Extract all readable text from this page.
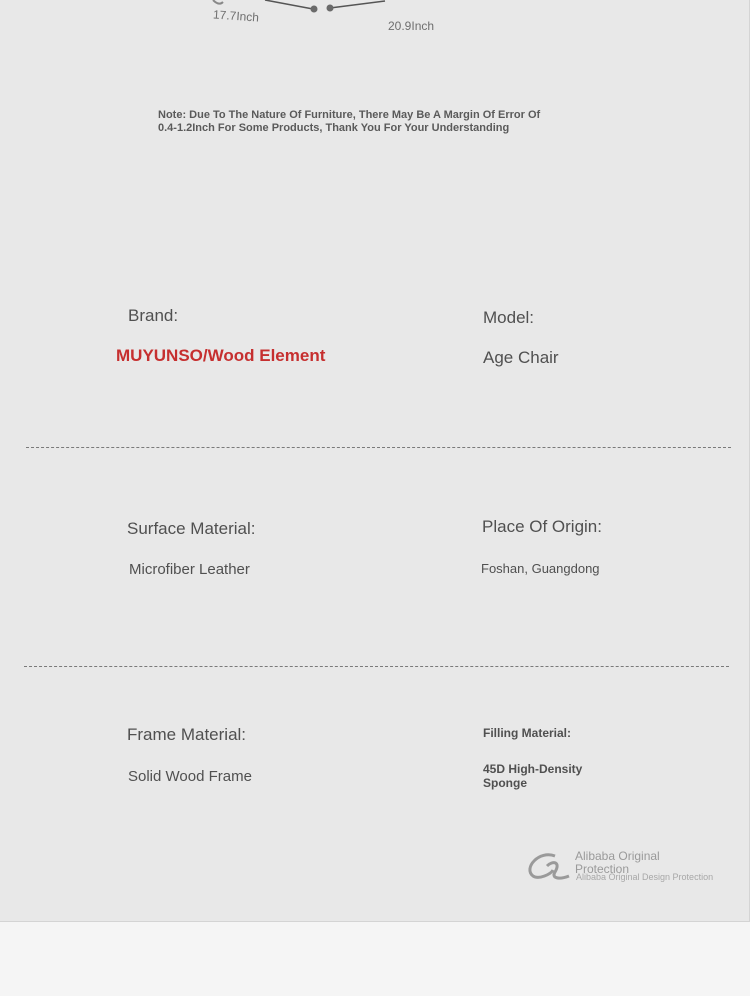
17.7Inch
20.9Inch
Note: Due To The Nature Of Furniture, There May Be A Margin Of Error Of 0.4-1.2Inch For Some Products, Thank You For Your Understanding
Brand:
MUYUNSO/Wood Element
Model:
Age Chair
Surface Material:
Microfiber Leather
Place Of Origin:
Foshan, Guangdong
Frame Material:
Solid Wood Frame
Filling Material:
45D High-Density Sponge
Alibaba Original Protection
Alibaba Original Design Protection
